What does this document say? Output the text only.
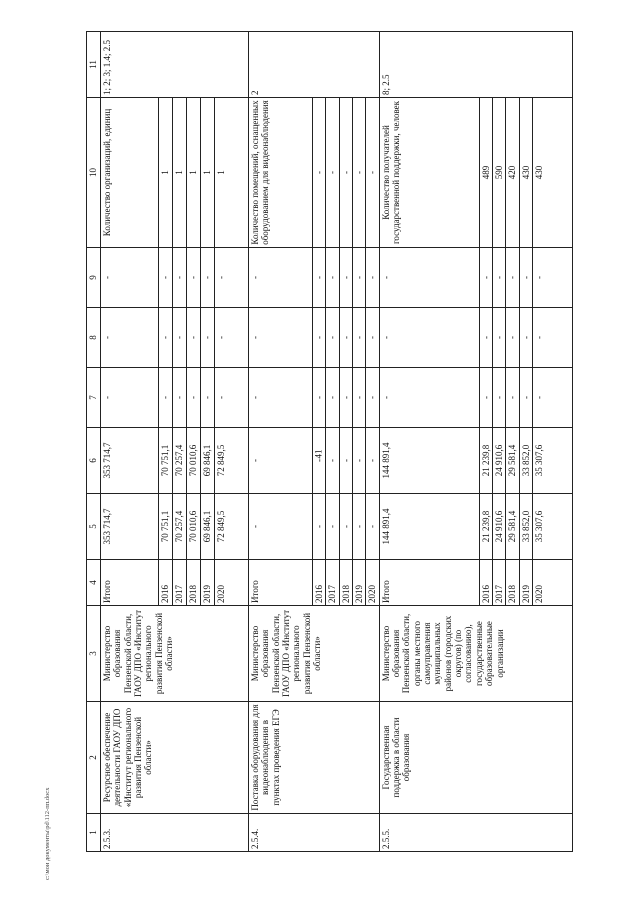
41
1	2	3	4	5	6	7	8	9	10	11
2.5.3.	Ресурсное обеспечение деятельности ГАОУ ДПО «Институт регионального развития Пензенской области»	Министерство образования Пензенской области, ГАОУ ДПО «Институт регионального развития Пензенской области»	Итого	353 714,7	353 714,7	-	-	-	Количество организаций, единиц	1; 2; 3; 1.4; 2.5
			2016	70 751,1	70 751,1	-	-	-	1	
			2017	70 257,4	70 257,4	-	-	-	1	
			2018	70 010,6	70 010,6	-	-	-	1	
			2019	69 846,1	69 846,1	-	-	-	1	
			2020	72 849,5	72 849,5	-	-	-	1	
2.5.4.	Поставка оборудования для видеонаблюдения в пунктах проведения ЕГЭ	Министерство образования Пензенской области, ГАОУ ДПО «Институт регионального развития Пензенской области»	Итого	-	-	-	-	-	Количество помещений, оснащенных оборудованием для видеонаблюдения	2
			2016	-	-	-	-	-	-	
			2017	-	-	-	-	-	-	
			2018	-	-	-	-	-	-	
			2019	-	-	-	-	-	-	
			2020	-	-	-	-	-	-	
2.5.5.	Государственная поддержка в области образования	Министерство образования Пензенской области, органы местного самоуправления муниципальных районов (городских округов) (по согласованию), государственные образовательные организации	Итого	144 891,4	144 891,4	-	-	-	Количество получателей государственной поддержки, человек	8; 2.5
			2016	21 239,8	21 239,8	-	-	-	489	
			2017	24 910,6	24 910,6	-	-	-	590	
			2018	29 581,4	29 581,4	-	-	-	420	
			2019	33 852,0	33 852,0	-	-	-	430	
			2020	35 307,6	35 307,6	-	-	-	430	
c:\мои документы\pd\112-пп.docx
